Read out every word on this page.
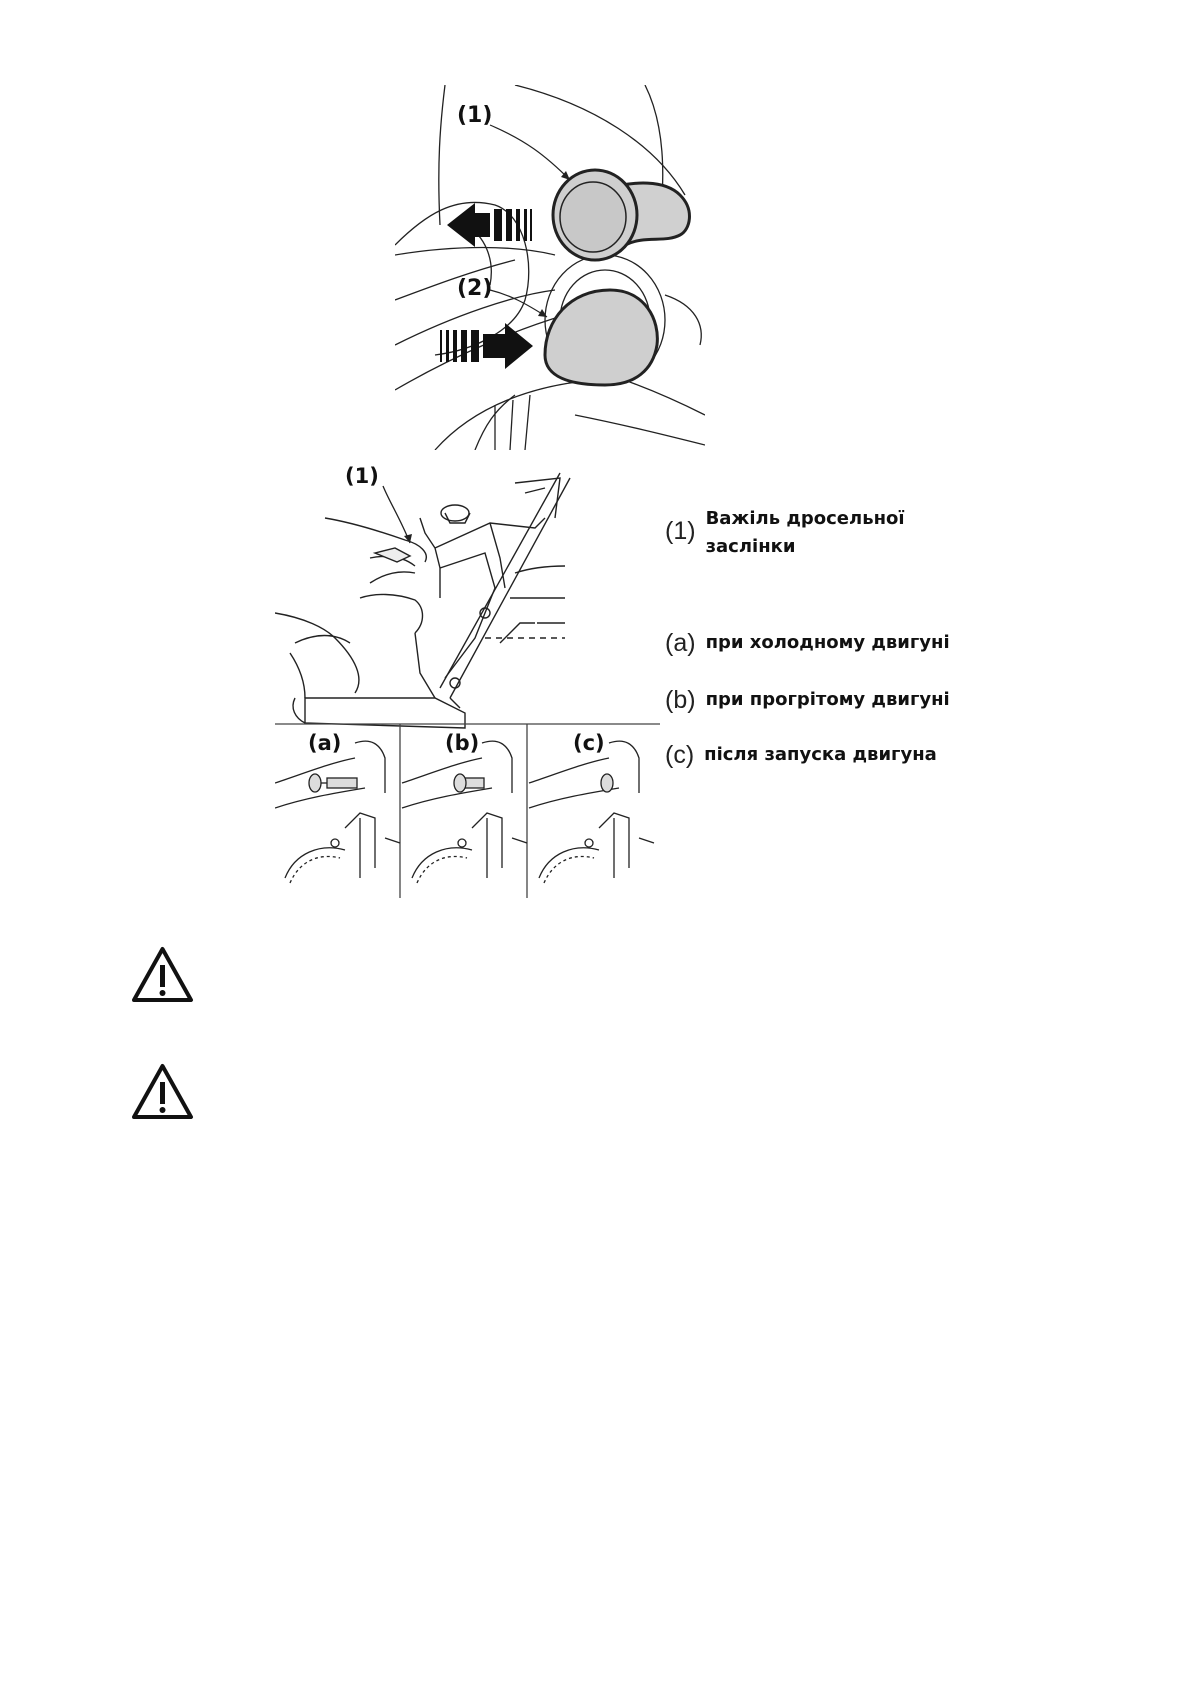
(1)
(2)
(1)
(a)	(b)	(c)
(1) Важіль дросельної
заслінки
(a) при холодному двигуні
(b) при прогрітому двигуні
(c) після запуска двигуна
